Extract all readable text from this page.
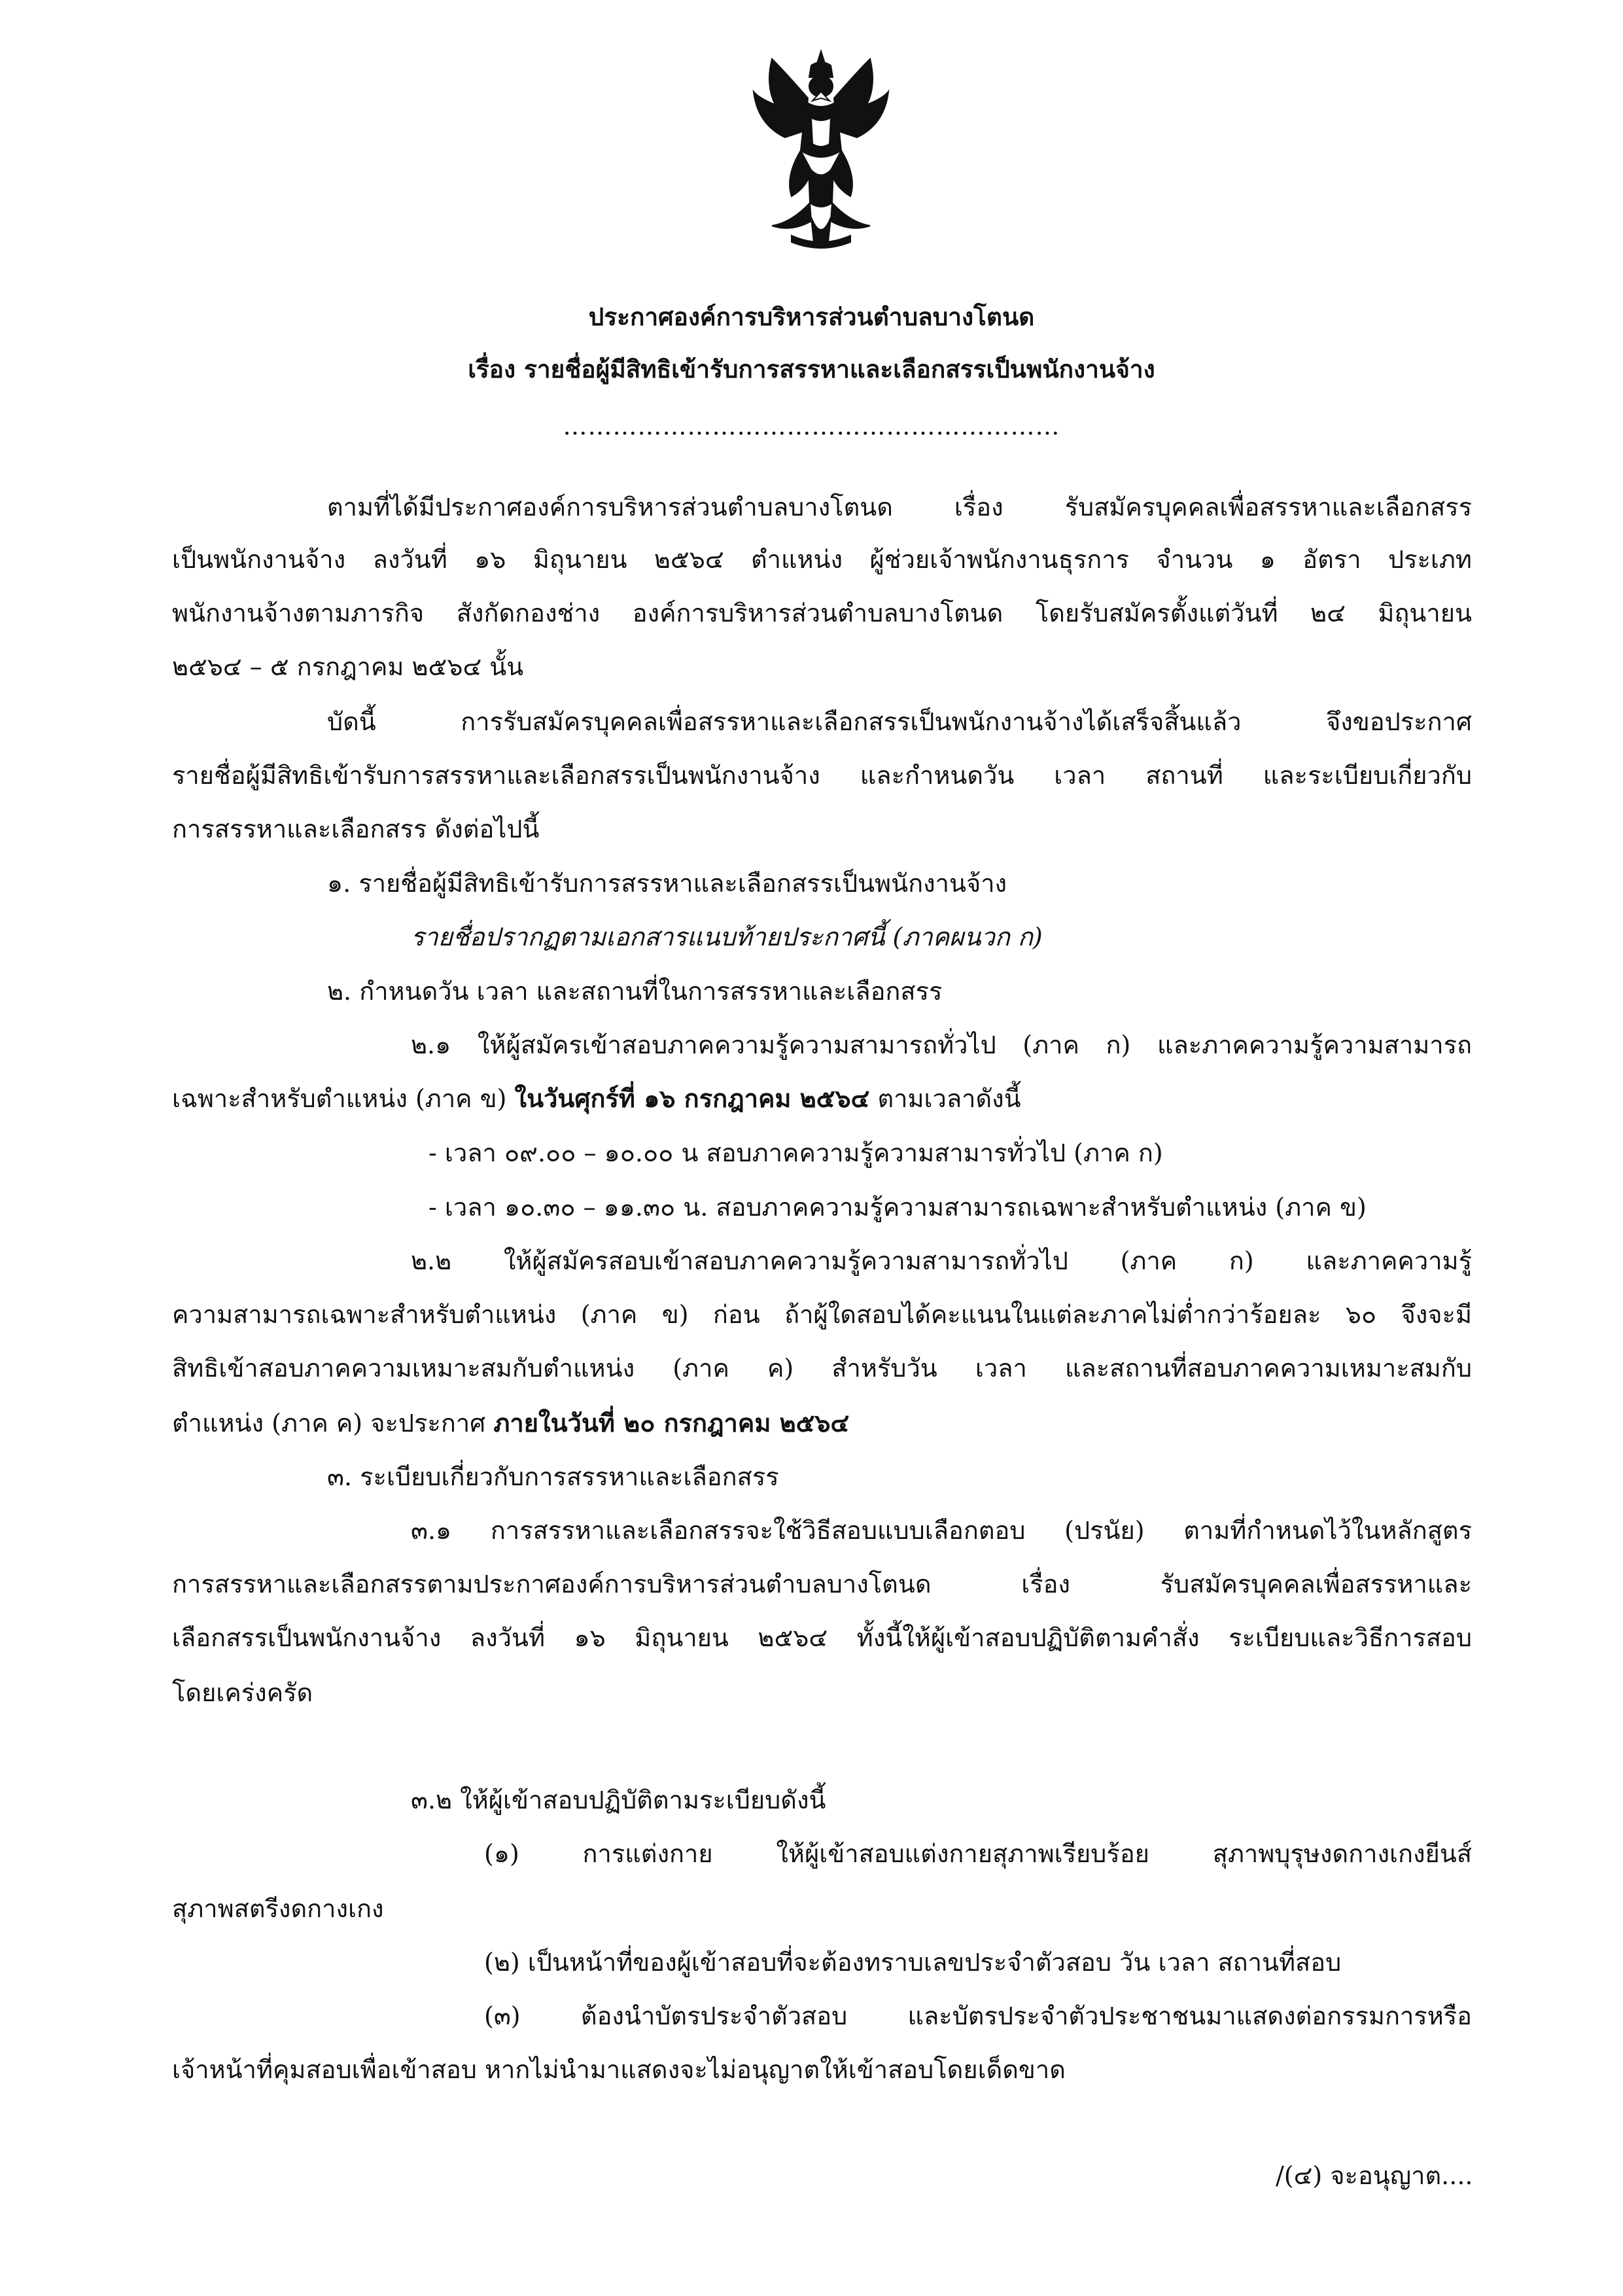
ประกาศองค์การบริหารส่วนตำบลบางโตนด
เรื่อง รายชื่อผู้มีสิทธิเข้ารับการสรรหาและเลือกสรรเป็นพนักงานจ้าง
……………………………………………………

ตามที่ได้มีประกาศองค์การบริหารส่วนตำบลบางโตนด เรื่อง รับสมัครบุคคลเพื่อสรรหาและเลือกสรร

เป็นพนักงานจ้าง ลงวันที่ ๑๖ มิถุนายน ๒๕๖๔ ตำแหน่ง ผู้ช่วยเจ้าพนักงานธุรการ จำนวน ๑ อัตรา ประเภท

พนักงานจ้างตามภารกิจ สังกัดกองช่าง องค์การบริหารส่วนตำบลบางโตนด โดยรับสมัครตั้งแต่วันที่ ๒๔ มิถุนายน

๒๕๖๔ – ๕ กรกฎาคม ๒๕๖๔ นั้น

บัดนี้ การรับสมัครบุคคลเพื่อสรรหาและเลือกสรรเป็นพนักงานจ้างได้เสร็จสิ้นแล้ว จึงขอประกาศ

รายชื่อผู้มีสิทธิเข้ารับการสรรหาและเลือกสรรเป็นพนักงานจ้าง และกำหนดวัน เวลา สถานที่ และระเบียบเกี่ยวกับ

การสรรหาและเลือกสรร ดังต่อไปนี้

๑. รายชื่อผู้มีสิทธิเข้ารับการสรรหาและเลือกสรรเป็นพนักงานจ้าง

รายชื่อปรากฏตามเอกสารแนบท้ายประกาศนี้ (ภาคผนวก ก)

๒. กำหนดวัน เวลา และสถานที่ในการสรรหาและเลือกสรร

๒.๑ ให้ผู้สมัครเข้าสอบภาคความรู้ความสามารถทั่วไป (ภาค ก) และภาคความรู้ความสามารถ

เฉพาะสำหรับตำแหน่ง (ภาค ข) ในวันศุกร์ที่ ๑๖ กรกฎาคม ๒๕๖๔ ตามเวลาดังนี้

- เวลา ๐๙.๐๐ – ๑๐.๐๐ น สอบภาคความรู้ความสามารทั่วไป (ภาค ก)

- เวลา ๑๐.๓๐ – ๑๑.๓๐ น. สอบภาคความรู้ความสามารถเฉพาะสำหรับตำแหน่ง (ภาค ข)

๒.๒ ให้ผู้สมัครสอบเข้าสอบภาคความรู้ความสามารถทั่วไป (ภาค ก) และภาคความรู้

ความสามารถเฉพาะสำหรับตำแหน่ง (ภาค ข) ก่อน ถ้าผู้ใดสอบได้คะแนนในแต่ละภาคไม่ต่ำกว่าร้อยละ ๖๐ จึงจะมี

สิทธิเข้าสอบภาคความเหมาะสมกับตำแหน่ง (ภาค ค) สำหรับวัน เวลา และสถานที่สอบภาคความเหมาะสมกับ

ตำแหน่ง (ภาค ค) จะประกาศ ภายในวันที่ ๒๐ กรกฎาคม ๒๕๖๔

๓. ระเบียบเกี่ยวกับการสรรหาและเลือกสรร

๓.๑ การสรรหาและเลือกสรรจะใช้วิธีสอบแบบเลือกตอบ (ปรนัย) ตามที่กำหนดไว้ในหลักสูตร

การสรรหาและเลือกสรรตามประกาศองค์การบริหารส่วนตำบลบางโตนด เรื่อง รับสมัครบุคคลเพื่อสรรหาและ

เลือกสรรเป็นพนักงานจ้าง ลงวันที่ ๑๖ มิถุนายน ๒๕๖๔ ทั้งนี้ให้ผู้เข้าสอบปฏิบัติตามคำสั่ง ระเบียบและวิธีการสอบ

โดยเคร่งครัด

๓.๒ ให้ผู้เข้าสอบปฏิบัติตามระเบียบดังนี้

(๑) การแต่งกาย ให้ผู้เข้าสอบแต่งกายสุภาพเรียบร้อย สุภาพบุรุษงดกางเกงยีนส์

สุภาพสตรีงดกางเกง

(๒) เป็นหน้าที่ของผู้เข้าสอบที่จะต้องทราบเลขประจำตัวสอบ วัน เวลา สถานที่สอบ

(๓) ต้องนำบัตรประจำตัวสอบ และบัตรประจำตัวประชาชนมาแสดงต่อกรรมการหรือ

เจ้าหน้าที่คุมสอบเพื่อเข้าสอบ หากไม่นำมาแสดงจะไม่อนุญาตให้เข้าสอบโดยเด็ดขาด

/(๔) จะอนุญาต....
